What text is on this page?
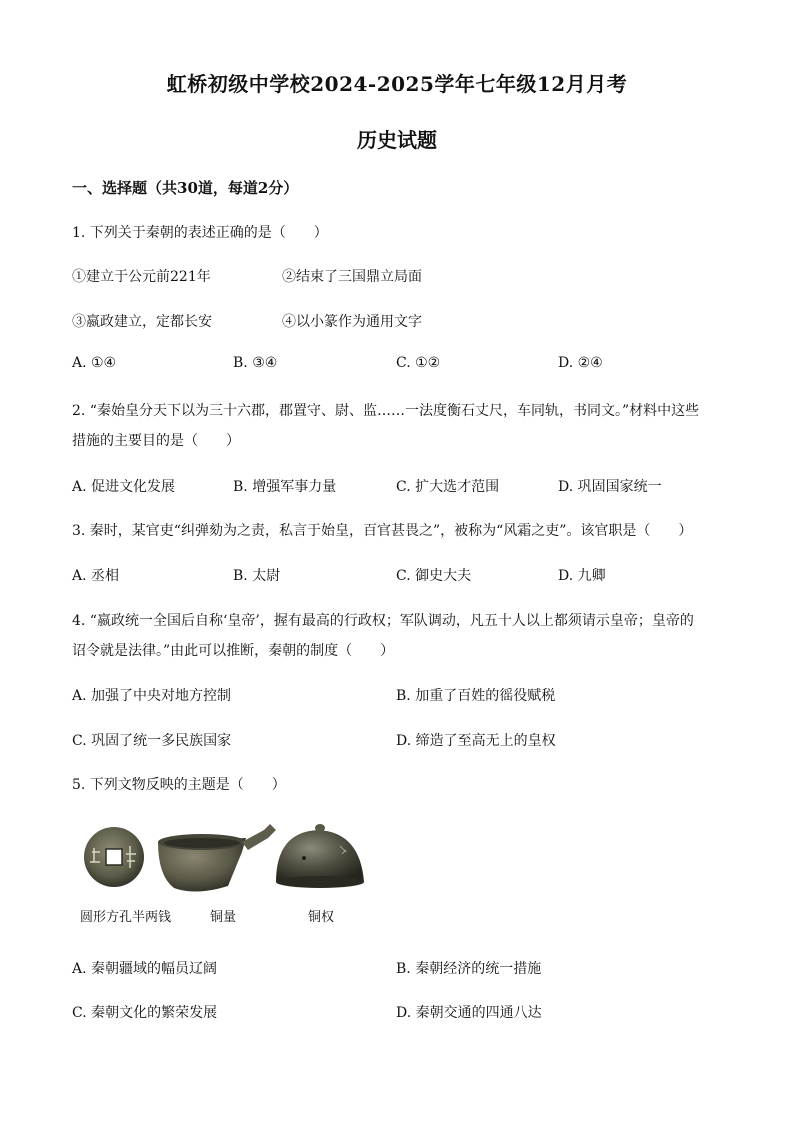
虹桥初级中学校2024-2025学年七年级12月月考
历史试题
一、选择题（共30道，每道2分）
1. 下列关于秦朝的表述正确的是（　　）
①建立于公元前221年	②结束了三国鼎立局面
③嬴政建立，定都长安	④以小篆作为通用文字
A. ①④	B. ③④	C. ①②	D. ②④
2. “秦始皇分天下以为三十六郡，郡置守、尉、监……一法度衡石丈尺，车同轨，书同文。”材料中这些
措施的主要目的是（　　）
A. 促进文化发展	B. 增强军事力量	C. 扩大选才范围	D. 巩固国家统一
3. 秦时，某官吏“纠弹劾为之责，私言于始皇，百官甚畏之”，被称为“风霜之吏”。该官职是（　　）
A. 丞相	B. 太尉	C. 御史大夫	D. 九卿
4. “嬴政统一全国后自称‘皇帝’，握有最高的行政权；军队调动，凡五十人以上都须请示皇帝；皇帝的
诏令就是法律。”由此可以推断，秦朝的制度（　　）
A. 加强了中央对地方控制	B. 加重了百姓的徭役赋税
C. 巩固了统一多民族国家	D. 缔造了至高无上的皇权
5. 下列文物反映的主题是（　　）
圆形方孔半两钱	铜量	铜权
A. 秦朝疆域的幅员辽阔	B. 秦朝经济的统一措施
C. 秦朝文化的繁荣发展	D. 秦朝交通的四通八达
